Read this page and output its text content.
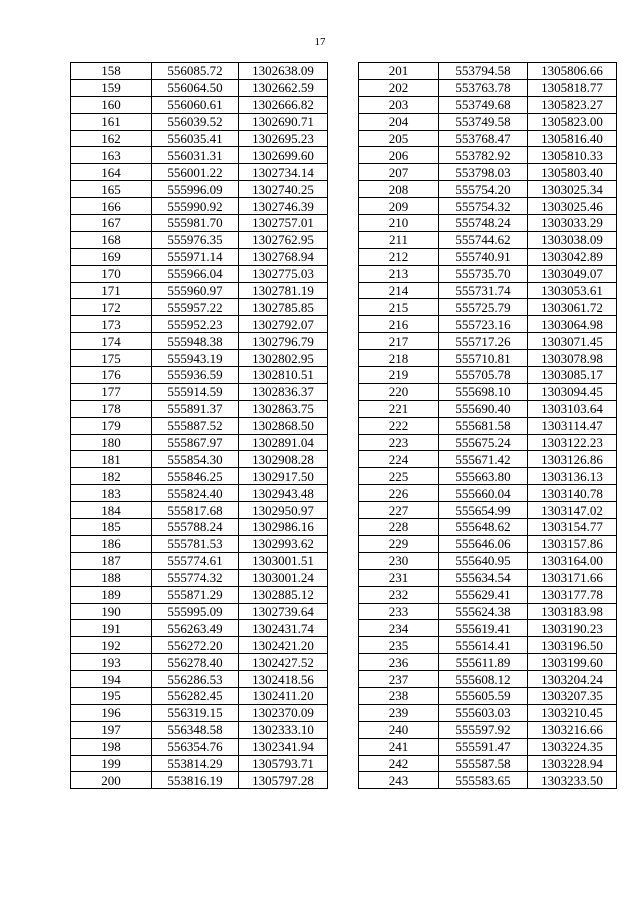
17
158	556085.72	1302638.09
159	556064.50	1302662.59
160	556060.61	1302666.82
161	556039.52	1302690.71
162	556035.41	1302695.23
163	556031.31	1302699.60
164	556001.22	1302734.14
165	555996.09	1302740.25
166	555990.92	1302746.39
167	555981.70	1302757.01
168	555976.35	1302762.95
169	555971.14	1302768.94
170	555966.04	1302775.03
171	555960.97	1302781.19
172	555957.22	1302785.85
173	555952.23	1302792.07
174	555948.38	1302796.79
175	555943.19	1302802.95
176	555936.59	1302810.51
177	555914.59	1302836.37
178	555891.37	1302863.75
179	555887.52	1302868.50
180	555867.97	1302891.04
181	555854.30	1302908.28
182	555846.25	1302917.50
183	555824.40	1302943.48
184	555817.68	1302950.97
185	555788.24	1302986.16
186	555781.53	1302993.62
187	555774.61	1303001.51
188	555774.32	1303001.24
189	555871.29	1302885.12
190	555995.09	1302739.64
191	556263.49	1302431.74
192	556272.20	1302421.20
193	556278.40	1302427.52
194	556286.53	1302418.56
195	556282.45	1302411.20
196	556319.15	1302370.09
197	556348.58	1302333.10
198	556354.76	1302341.94
199	553814.29	1305793.71
200	553816.19	1305797.28
201	553794.58	1305806.66
202	553763.78	1305818.77
203	553749.68	1305823.27
204	553749.58	1305823.00
205	553768.47	1305816.40
206	553782.92	1305810.33
207	553798.03	1305803.40
208	555754.20	1303025.34
209	555754.32	1303025.46
210	555748.24	1303033.29
211	555744.62	1303038.09
212	555740.91	1303042.89
213	555735.70	1303049.07
214	555731.74	1303053.61
215	555725.79	1303061.72
216	555723.16	1303064.98
217	555717.26	1303071.45
218	555710.81	1303078.98
219	555705.78	1303085.17
220	555698.10	1303094.45
221	555690.40	1303103.64
222	555681.58	1303114.47
223	555675.24	1303122.23
224	555671.42	1303126.86
225	555663.80	1303136.13
226	555660.04	1303140.78
227	555654.99	1303147.02
228	555648.62	1303154.77
229	555646.06	1303157.86
230	555640.95	1303164.00
231	555634.54	1303171.66
232	555629.41	1303177.78
233	555624.38	1303183.98
234	555619.41	1303190.23
235	555614.41	1303196.50
236	555611.89	1303199.60
237	555608.12	1303204.24
238	555605.59	1303207.35
239	555603.03	1303210.45
240	555597.92	1303216.66
241	555591.47	1303224.35
242	555587.58	1303228.94
243	555583.65	1303233.50
